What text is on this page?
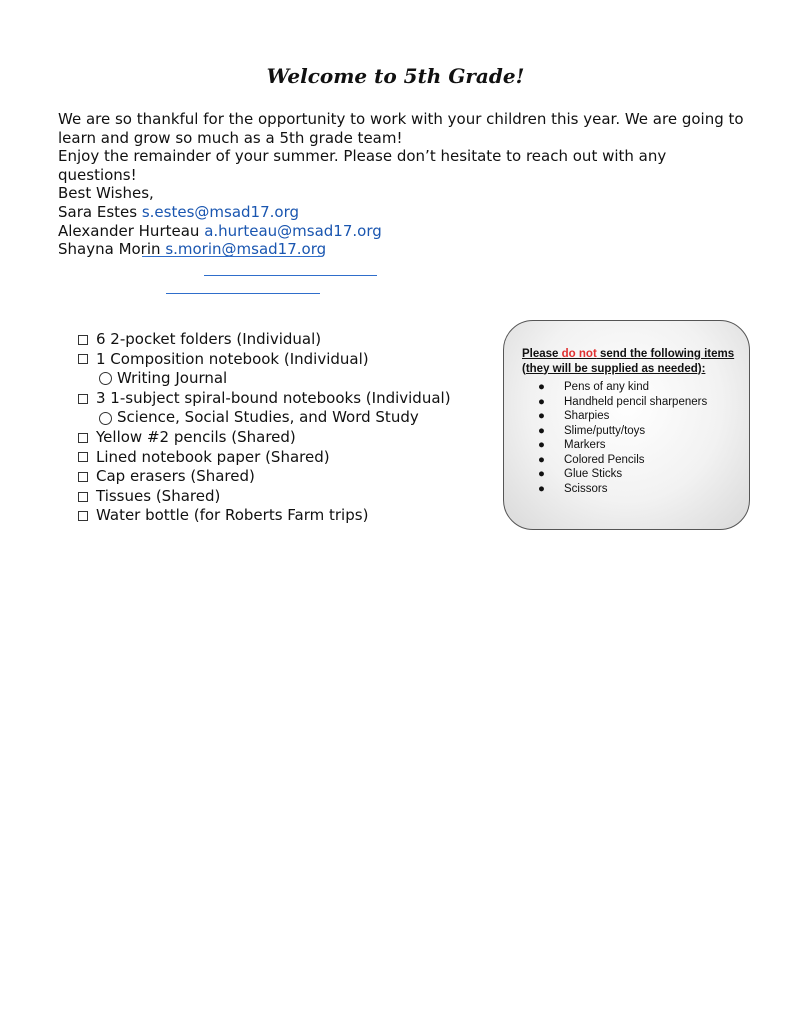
Welcome to 5th Grade!

We are so thankful for the opportunity to work with your children this year. We are going to learn and grow so much as a 5th grade team!

Enjoy the remainder of your summer. Please don’t hesitate to reach out with any questions!

Best Wishes,

Sara Estes s.estes@msad17.org

Alexander Hurteau a.hurteau@msad17.org

Shayna Morin s.morin@msad17.org

6 2-pocket folders (Individual)
1 Composition notebook (Individual)
Writing Journal
3 1-subject spiral-bound notebooks (Individual)
Science, Social Studies, and Word Study
Yellow #2 pencils (Shared)
Lined notebook paper (Shared)
Cap erasers (Shared)
Tissues (Shared)
Water bottle (for Roberts Farm trips)
Please do not send the following items (they will be supplied as needed):
●	Pens of any kind
●	Handheld pencil sharpeners
●	Sharpies
●	Slime/putty/toys
●	Markers
●	Colored Pencils
●	Glue Sticks
●	Scissors
